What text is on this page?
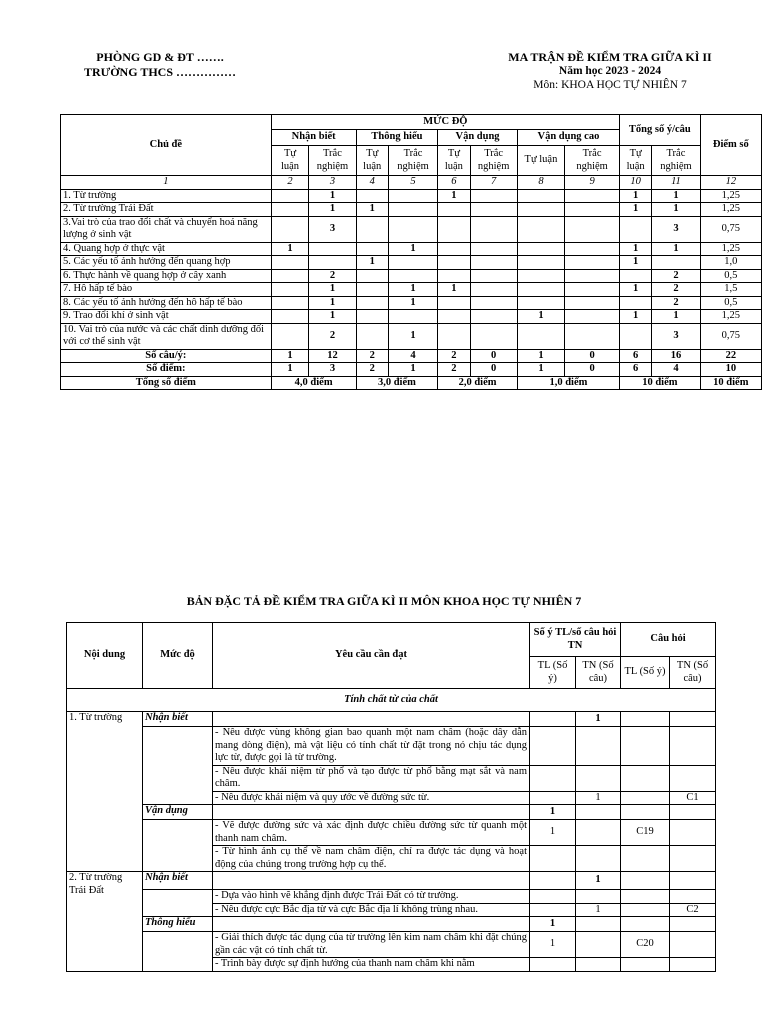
PHÒNG GD & ĐT …….
TRƯỜNG THCS ……………
MA TRẬN ĐỀ KIỂM TRA GIỮA KÌ II
Năm học 2023 - 2024
Môn: KHOA HỌC TỰ NHIÊN 7
Chủ đề	MỨC ĐỘ								Tổng số ý/câu		Điểm số
	Nhận biết		Thông hiểu		Vận dụng		Vận dụng cao				
	Tự luận	Trắc nghiệm	Tự luận	Trắc nghiệm	Tự luận	Trắc nghiệm	Tự luận	Trắc nghiệm	Tự luận	Trắc nghiệm	
1	2	3	4	5	6	7	8	9	10	11	12
1. Từ trường		1			1				1	1	1,25
2. Từ trường Trái Đất		1	1						1	1	1,25
3.Vai trò của trao đổi chất và chuyển hoá năng lượng ở sinh vật		3								3	0,75
4. Quang hợp ở thực vật	1			1					1	1	1,25
5. Các yếu tố ảnh hưởng đến quang hợp			1						1		1,0
6. Thực hành về quang hợp ở cây xanh		2								2	0,5
7. Hô hấp tế bào		1		1	1				1	2	1,5
8. Các yếu tố ảnh hưởng đến hô hấp tế bào		1		1						2	0,5
9. Trao đổi khí ở sinh vật		1					1		1	1	1,25
10. Vai trò của nước và các chất dinh dưỡng đối với cơ thể sinh vật		2		1						3	0,75
Số câu/ý:	1	12	2	4	2	0	1	0	6	16	22
Số điểm:	1	3	2	1	2	0	1	0	6	4	10
Tổng số điểm	4,0 điểm		3,0 điểm		2,0 điểm		1,0 điểm		10 điểm		10 điểm
BẢN ĐẶC TẢ ĐỀ KIỂM TRA GIỮA KÌ II MÔN KHOA HỌC TỰ NHIÊN 7
Nội dung	Mức độ	Yêu cầu cần đạt	Số ý TL/số câu hỏi TN		Câu hỏi	
			TL (Số ý)	TN (Số câu)	TL (Số ý)	TN (Số câu)
Tính chất từ của chất						
1. Từ trường	Nhận biết			1		
		- Nêu được vùng không gian bao quanh một nam châm (hoặc dây dẫn mang dòng điện), mà vật liệu có tính chất từ đặt trong nó chịu tác dụng lực từ, được gọi là từ trường.				
		- Nêu được khái niệm từ phổ và tạo được từ phổ bằng mạt sắt và nam châm.				
		- Nêu được khái niệm và quy ước về đường sức từ.		1		C1
	Vận dụng		1			
		- Vẽ được đường sức và xác định được chiều đường sức từ quanh một thanh nam châm.	1		C19	
		- Từ hình ảnh cụ thể về nam châm điện, chỉ ra được tác dụng và hoạt động của chúng trong trường hợp cụ thể.				
2. Từ trường Trái Đất	Nhận biết			1		
		- Dựa vào hình vẽ khẳng định được Trái Đất có từ trường.				
		- Nêu được cực Bắc địa từ và cực Bắc địa lí không trùng nhau.		1		C2
	Thông hiểu		1			
		- Giải thích được tác dụng của từ trường lên kim nam châm khi đặt chúng gần các vật có tính chất từ.	1		C20	
		- Trình bày được sự định hướng của thanh nam châm khi nằm				
